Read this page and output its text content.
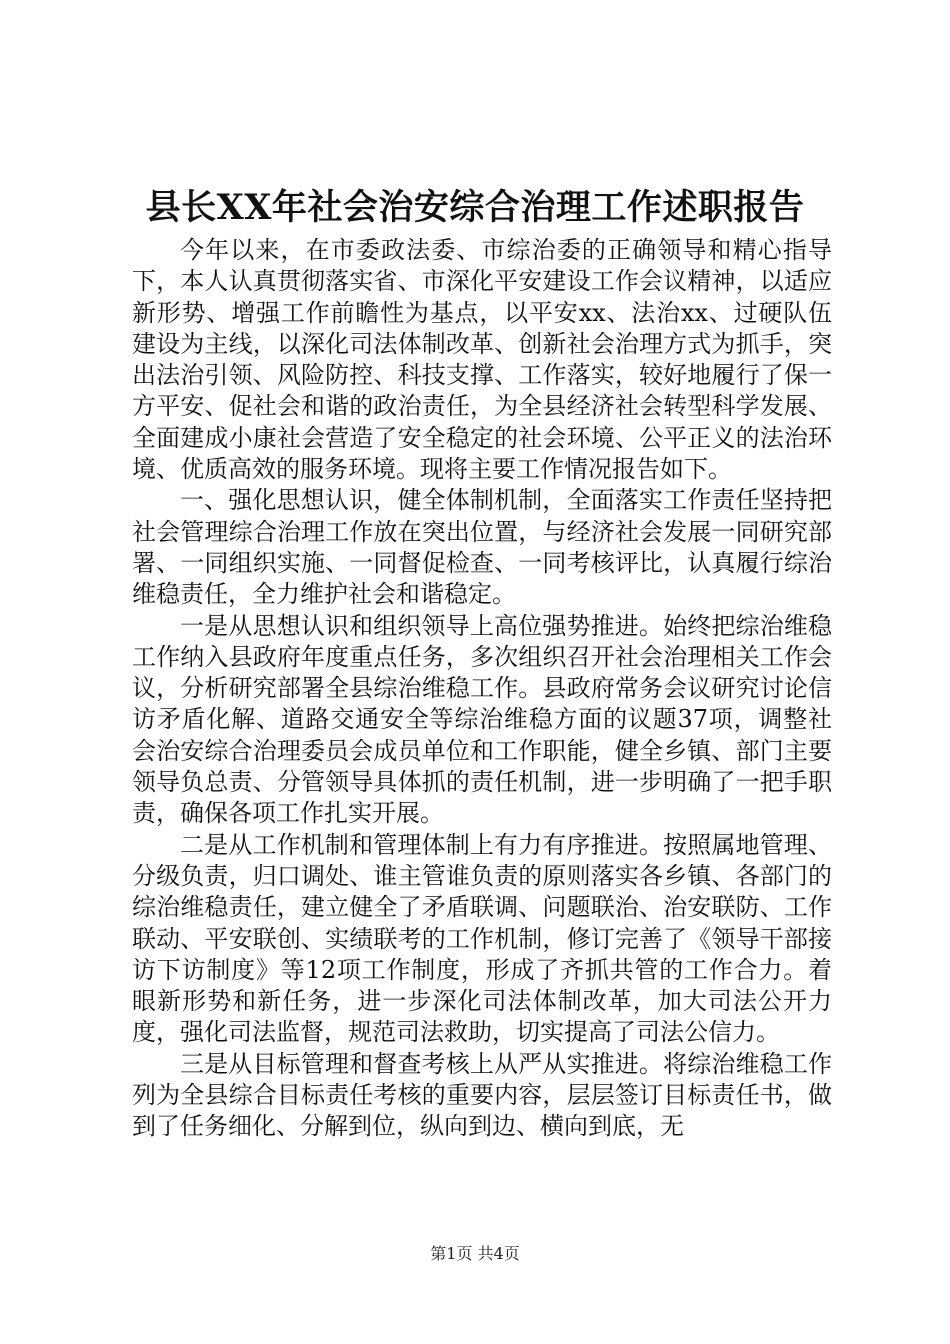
县长XX年社会治安综合治理工作述职报告

今年以来，在市委政法委、市综治委的正确领导和精心指导下，本人认真贯彻落实省、市深化平安建设工作会议精神，以适应新形势、增强工作前瞻性为基点，以平安xx、法治xx、过硬队伍建设为主线，以深化司法体制改革、创新社会治理方式为抓手，突出法治引领、风险防控、科技支撑、工作落实，较好地履行了保一方平安、促社会和谐的政治责任，为全县经济社会转型科学发展、全面建成小康社会营造了安全稳定的社会环境、公平正义的法治环境、优质高效的服务环境。现将主要工作情况报告如下。

一、强化思想认识，健全体制机制，全面落实工作责任坚持把社会管理综合治理工作放在突出位置，与经济社会发展一同研究部署、一同组织实施、一同督促检查、一同考核评比，认真履行综治维稳责任，全力维护社会和谐稳定。

一是从思想认识和组织领导上高位强势推进。始终把综治维稳工作纳入县政府年度重点任务，多次组织召开社会治理相关工作会议，分析研究部署全县综治维稳工作。县政府常务会议研究讨论信访矛盾化解、道路交通安全等综治维稳方面的议题37项，调整社会治安综合治理委员会成员单位和工作职能，健全乡镇、部门主要领导负总责、分管领导具体抓的责任机制，进一步明确了一把手职责，确保各项工作扎实开展。

二是从工作机制和管理体制上有力有序推进。按照属地管理、分级负责，归口调处、谁主管谁负责的原则落实各乡镇、各部门的综治维稳责任，建立健全了矛盾联调、问题联治、治安联防、工作联动、平安联创、实绩联考的工作机制，修订完善了《领导干部接访下访制度》等12项工作制度，形成了齐抓共管的工作合力。着眼新形势和新任务，进一步深化司法体制改革，加大司法公开力度，强化司法监督，规范司法救助，切实提高了司法公信力。

三是从目标管理和督查考核上从严从实推进。将综治维稳工作列为全县综合目标责任考核的重要内容，层层签订目标责任书，做到了任务细化、分解到位，纵向到边、横向到底，无

第1页 共4页
